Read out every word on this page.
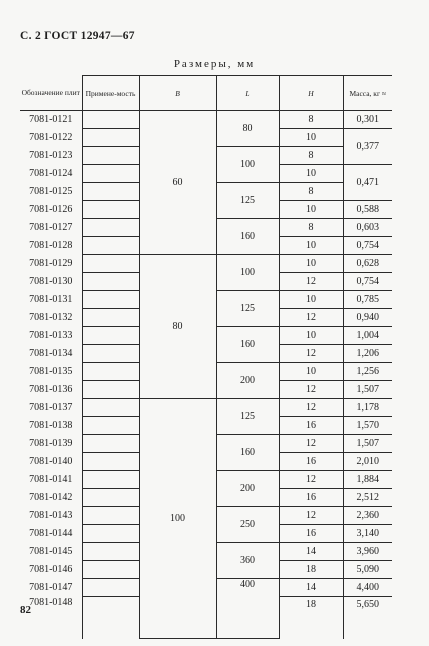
С. 2 ГОСТ 12947—67
Размеры, мм
Обозначение плит	Примене-мость	B	L	H	Масса, кг ≈
7081-0121		60	80	8	0,301
7081-0122				10	0,377
7081-0123			100	8	
7081-0124				10	0,471
7081-0125			125	8	
7081-0126				10	0,588
7081-0127			160	8	0,603
7081-0128				10	0,754
7081-0129		80	100	10	0,628
7081-0130				12	0,754
7081-0131			125	10	0,785
7081-0132				12	0,940
7081-0133			160	10	1,004
7081-0134				12	1,206
7081-0135			200	10	1,256
7081-0136				12	1,507
7081-0137		100	125	12	1,178
7081-0138				16	1,570
7081-0139			160	12	1,507
7081-0140				16	2,010
7081-0141			200	12	1,884
7081-0142				16	2,512
7081-0143			250	12	2,360
7081-0144				16	3,140
7081-0145			360	14	3,960
7081-0146				18	5,090
7081-0147			400	14	4,400
7081-0148				18	5,650
82
